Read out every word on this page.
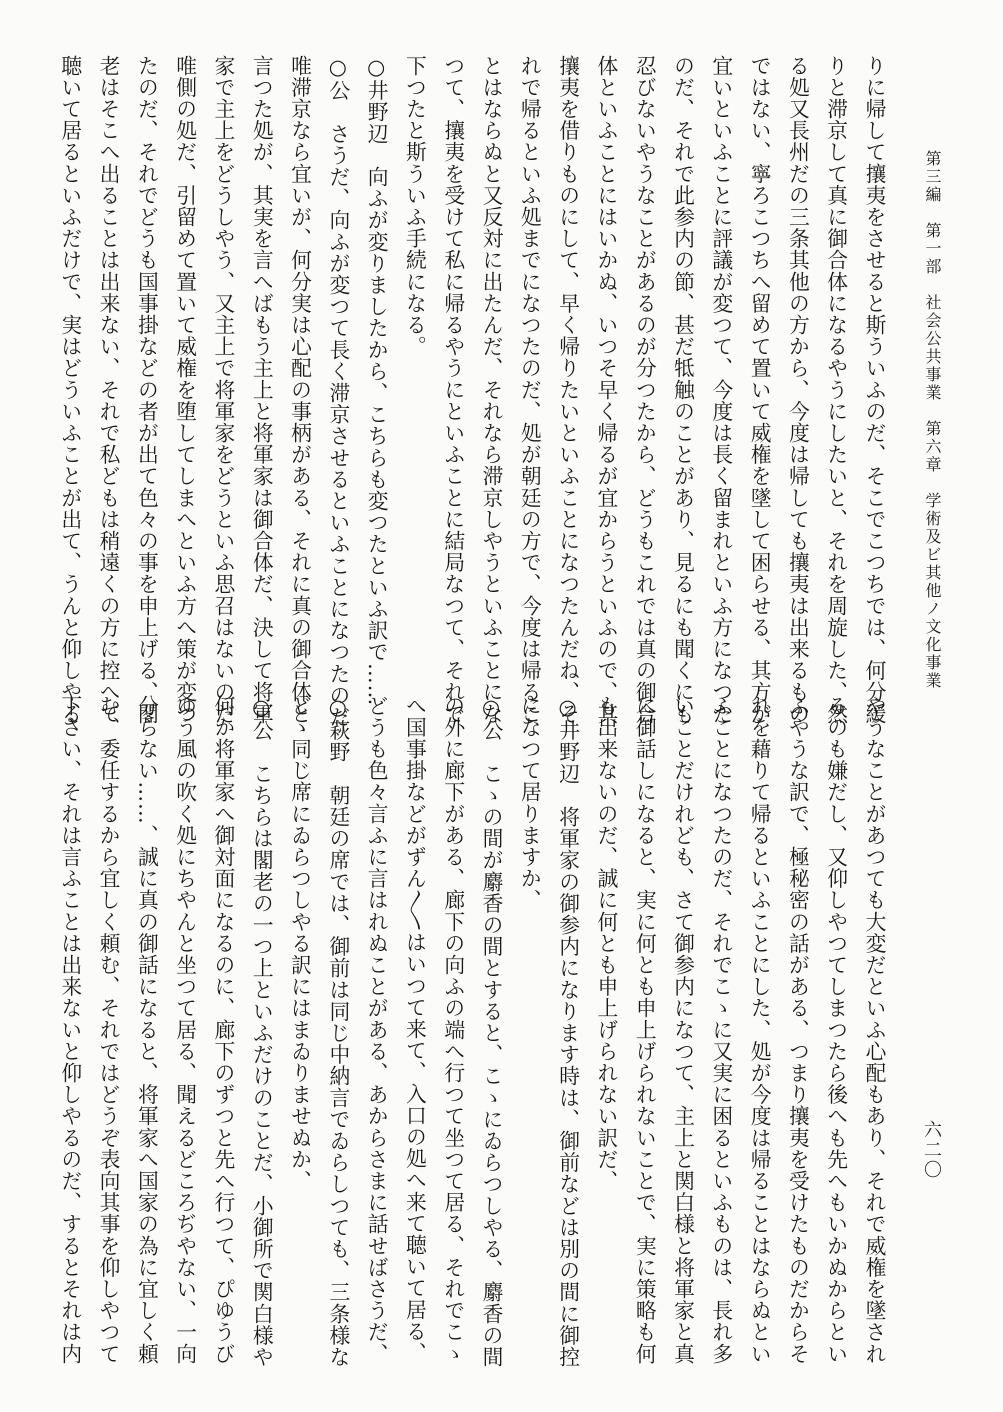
第三編　第一部　社会公共事業　第六章　学術及ビ其他ノ文化事業
六二〇
りに帰して攘夷をさせると斯ういふのだ、そこでこつちでは、何分緩
りと滞京して真に御合体になるやうにしたいと、それを周旋した、然
る処又長州だの三条其他の方から、今度は帰しても攘夷は出来るもの
ではない、寧ろこつちへ留めて置いて威権を墜して困らせる、其方が
宜いといふことに評議が変つて、今度は長く留まれといふ方になつた
のだ、それで此参内の節、甚だ牴触のことがあり、見るにも聞くにも
忍びないやうなことがあるのが分つたから、どうもこれでは真の御合
体といふことにはいかぬ、いつそ早く帰るが宜からうといふので、其
攘夷を借りものにして、早く帰りたいといふことになつたんだね、そ
れで帰るといふ処までになつたのだ、処が朝廷の方で、今度は帰るこ
とはならぬと又反対に出たんだ、それなら滞京しやうといふことにな
つて、攘夷を受けて私に帰るやうにといふことに結局なつて、それで
下つたと斯ういふ手続になる。
○井野辺　向ふが変りましたから、こちらも変つたといふ訳で……
○公　さうだ、向ふが変つて長く滞京させるといふことになつたのだ
唯滞京なら宜いが、何分実は心配の事柄がある、それに真の御合体と
言つた処が、其実を言へばもう主上と将軍家は御合体だ、決して将軍
家で主上をどうしやう、又主上で将軍家をどうといふ思召はないのだ
唯側の処だ、引留めて置いて威権を堕してしまへといふ方へ策が変つ
たのだ、それでどうも国事掛などの者が出て色々の事を申上げる、閣
老はそこへ出ることは出来ない、それで私どもは稍遠くの方に控へて
聴いて居るといふだけで、実はどういふことが出て、うんと仰しやる
やうなことがあつても大変だといふ心配もあり、それで威権を墜され
るのも嫌だし、又仰しやつてしまつたら後へも先へもいかぬからとい
ふやうな訳で、極秘密の話がある、つまり攘夷を受けたものだからそ
れを藉りて帰るといふことにした、処が今度は帰ることはならぬとい
ふことになつたのだ、それでこゝに又実に困るといふものは、長れ多
いことだけれども、さて御参内になつて、主上と関白様と将軍家と真
に御話しになると、実に何とも申上げられないことで、実に策略も何
も出来ないのだ、誠に何とも申上げられない訳だ、
○井野辺　将軍家の御参内になります時は、御前などは別の間に御控
になつて居りますか、
○公　こゝの間が麝香の間とすると、こゝにゐらつしやる、麝香の間
の外に廊下がある、廊下の向ふの端へ行つて坐つて居る、それでこゝ
へ国事掛などがずん〳〵はいつて来て、入口の処へ来て聴いて居る、
どうも色々言ふに言はれぬことがある、あからさまに話せばさうだ、
○萩野　朝廷の席では、御前は同じ中納言でゐらしつても、三条様な
どゝ同じ席にゐらつしやる訳にはまゐりませぬか、
○公　こちらは閣老の一つ上といふだけのことだ、小御所で関白様や
何か将軍家へ御対面になるのに、廊下のずつと先へ行つて、ぴゆうび
ゆう風の吹く処にちやんと坐つて居る、聞えるどころぢやない、一向
分らない……、誠に真の御話になると、将軍家へ国家の為に宜しく頼
む、委任するから宜しく頼む、それではどうぞ表向其事を仰しやつて
下さい、それは言ふことは出来ないと仰しやるのだ、するとそれは内
